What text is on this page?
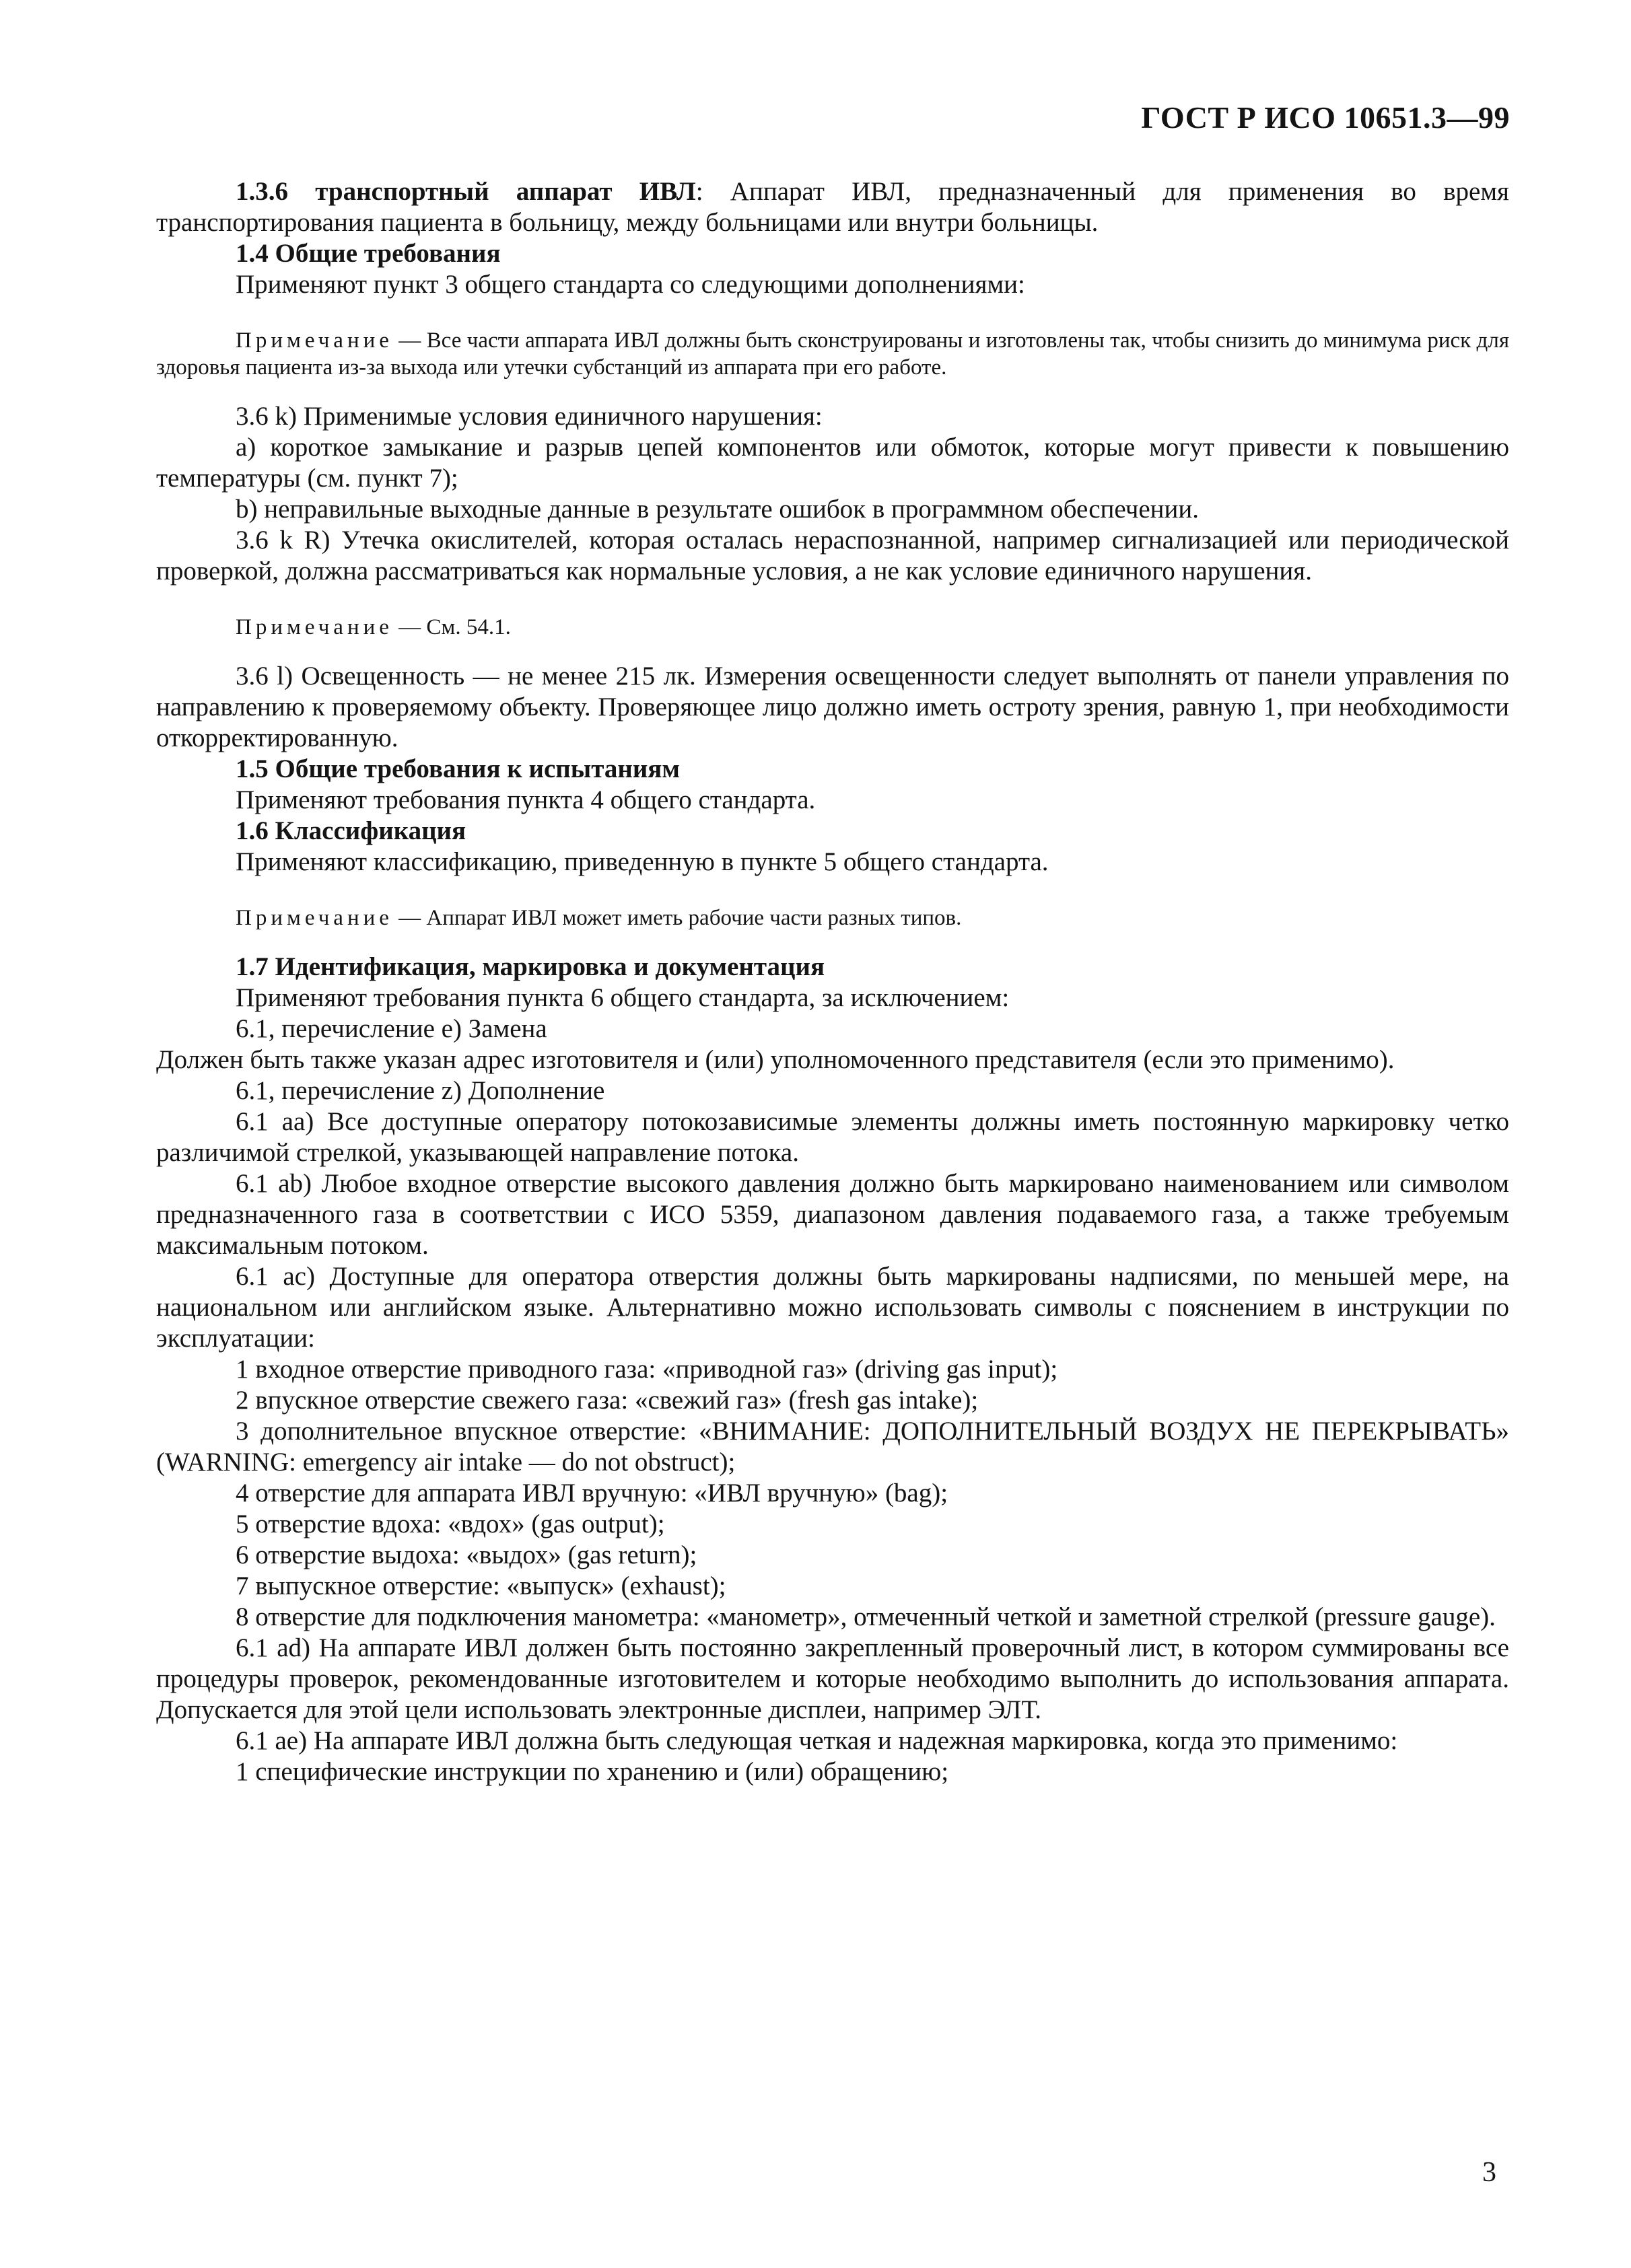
ГОСТ Р ИСО 10651.3—99

1.3.6 транспортный аппарат ИВЛ: Аппарат ИВЛ, предназначенный для применения во время транспортирования пациента в больницу, между больницами или внутри больницы.

1.4 Общие требования

Применяют пункт 3 общего стандарта со следующими дополнениями:

Примечание — Все части аппарата ИВЛ должны быть сконструированы и изготовлены так, чтобы снизить до минимума риск для здоровья пациента из-за выхода или утечки субстанций из аппарата при его работе.

3.6 k) Применимые условия единичного нарушения:

а) короткое замыкание и разрыв цепей компонентов или обмоток, которые могут привести к повышению температуры (см. пункт 7);

b) неправильные выходные данные в результате ошибок в программном обеспечении.

3.6 k R) Утечка окислителей, которая осталась нераспознанной, например сигнализацией или периодической проверкой, должна рассматриваться как нормальные условия, а не как условие единичного нарушения.

Примечание — См. 54.1.

3.6 l) Освещенность — не менее 215 лк. Измерения освещенности следует выполнять от панели управления по направлению к проверяемому объекту. Проверяющее лицо должно иметь остроту зрения, равную 1, при необходимости откорректированную.

1.5 Общие требования к испытаниям

Применяют требования пункта 4 общего стандарта.

1.6 Классификация

Применяют классификацию, приведенную в пункте 5 общего стандарта.

Примечание — Аппарат ИВЛ может иметь рабочие части разных типов.

1.7 Идентификация, маркировка и документация

Применяют требования пункта 6 общего стандарта, за исключением:

6.1, перечисление е) Замена

Должен быть также указан адрес изготовителя и (или) уполномоченного представителя (если это применимо).

6.1, перечисление z) Дополнение

6.1 аа) Все доступные оператору потокозависимые элементы должны иметь постоянную маркировку четко различимой стрелкой, указывающей направление потока.

6.1 ab) Любое входное отверстие высокого давления должно быть маркировано наименованием или символом предназначенного газа в соответствии с ИСО 5359, диапазоном давления подаваемого газа, а также требуемым максимальным потоком.

6.1 ac) Доступные для оператора отверстия должны быть маркированы надписями, по меньшей мере, на национальном или английском языке. Альтернативно можно использовать символы с пояснением в инструкции по эксплуатации:

1 входное отверстие приводного газа: «приводной газ» (driving gas input);

2 впускное отверстие свежего газа: «свежий газ» (fresh gas intake);

3 дополнительное впускное отверстие: «ВНИМАНИЕ: ДОПОЛНИТЕЛЬНЫЙ ВОЗДУХ НЕ ПЕРЕКРЫВАТЬ» (WARNING: emergency air intake — do not obstruct);

4 отверстие для аппарата ИВЛ вручную: «ИВЛ вручную» (bag);

5 отверстие вдоха: «вдох» (gas output);

6 отверстие выдоха: «выдох» (gas return);

7 выпускное отверстие: «выпуск» (exhaust);

8 отверстие для подключения манометра: «манометр», отмеченный четкой и заметной стрелкой (pressure gauge).

6.1 ad) На аппарате ИВЛ должен быть постоянно закрепленный проверочный лист, в котором суммированы все процедуры проверок, рекомендованные изготовителем и которые необходимо выполнить до использования аппарата. Допускается для этой цели использовать электронные дисплеи, например ЭЛТ.

6.1 ae) На аппарате ИВЛ должна быть следующая четкая и надежная маркировка, когда это применимо:

1 специфические инструкции по хранению и (или) обращению;

3
